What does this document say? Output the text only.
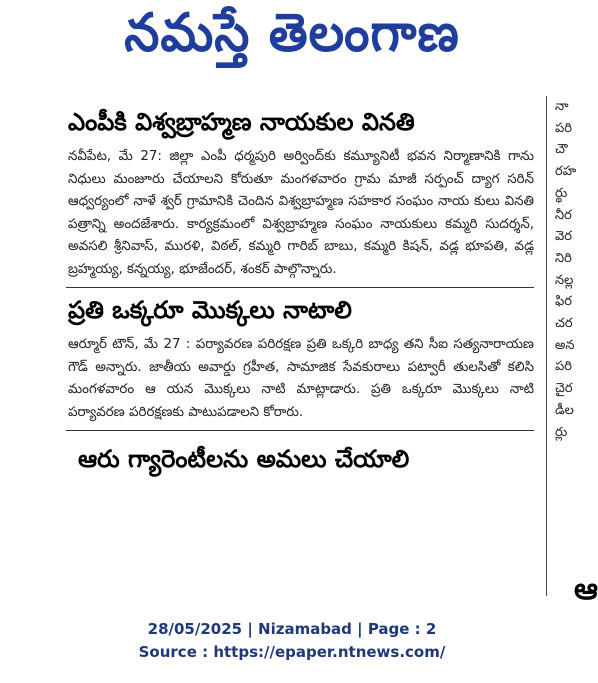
నమస్తే తెలంగాణ
ఎంపీకి విశ్వబ్రాహ్మణ నాయకుల వినతి

నవీపేట, మే 27: జిల్లా ఎంపీ ధర్మపురి అర్వింద్‌కు కమ్యూనిటీ భవన నిర్మాణానికి గాను నిధులు మంజూరు చేయాలని కోరుతూ మంగళవారం గ్రామ మాజీ సర్పంచ్ ద్యాగ సరిన్ ఆధ్వర్యంలో నాళే శ్వర్ గ్రామానికి చెందిన విశ్వబ్రాహ్మణ సహకార సంఘం నాయ కులు వినతి పత్రాన్ని అందజేశారు. కార్యక్రమంలో విశ్వబ్రాహ్మణ సంఘం నాయకులు కమ్మరి సుదర్శన్, అవసలి శ్రీనివాస్, మురళి, విఠల్, కమ్మరి గారిబ్ బాబు, కమ్మరి కిషన్, వడ్ల భూపతి, వడ్ల బ్రహ్మయ్య, కన్నయ్య, భూజేందర్, శంకర్ పాల్గొన్నారు.

ప్రతి ఒక్కరూ మొక్కలు నాటాలి

ఆర్మూర్ టౌన్, మే 27 : పర్యావరణ పరిరక్షణ ప్రతి ఒక్కరి బాధ్య తని సీఐ సత్యనారాయణ గౌడ్ అన్నారు. జాతీయ అవార్డు గ్రహీత, సామాజిక సేవకురాలు పట్వారీ తులసితో కలిసి మంగళవారం ఆ యన మొక్కలు నాటి మాట్లాడారు. ప్రతి ఒక్కరూ మొక్కలు నాటి పర్యావరణ పరిరక్షణకు పాటుపడాలని కోరారు.

ఆరు గ్యారెంటీలను అమలు చేయాలి
నా
పరి
చౌ
రహ
ర్థు
నీర
వెర
నిరి
నల్ల
ఫిర
చర
అన
పరి
చైర
డీల
ర్లు
ఆ
28/05/2025 | Nizamabad | Page : 2
Source : https://epaper.ntnews.com/
